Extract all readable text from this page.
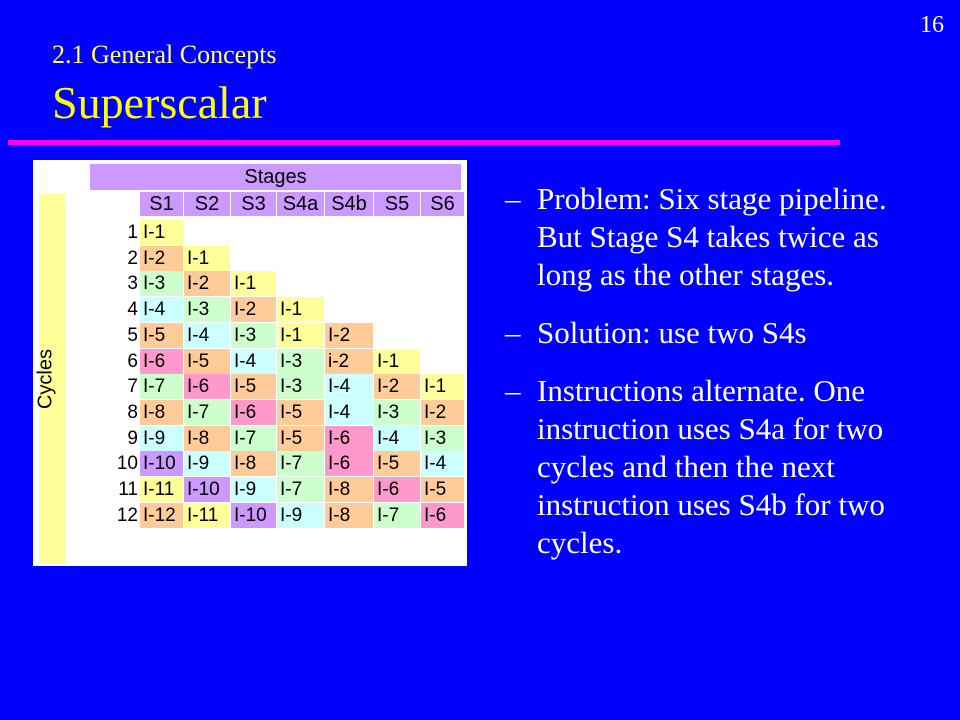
16
2.1 General Concepts
Superscalar
Stages
Cycles
S1	S2	S3 S4a S4b S5	S6
1 I-1
2 I-2	I-1
3 I-3	I-2	I-1
4 I-4	I-3	I-2	I-1
5 I-5	I-4	I-3	I-1	I-2
6 I-6	I-5	I-4	I-3	i-2	I-1
7 I-7	I-6	I-5	I-3	I-4	I-2	I-1
8 I-8	I-7	I-6	I-5	I-4	I-3	I-2
9 I-9	I-8	I-7	I-5	I-6	I-4	I-3
10 I-10 I-9	I-8	I-7	I-6	I-5	I-4
11 I-11 I-10 I-9	I-7	I-8	I-6	I-5
12 I-12 I-11 I-10 I-9	I-8	I-7	I-6
– Problem: Six stage pipeline. But Stage S4 takes twice as long as the other stages.
– Solution: use two S4s
– Instructions alternate. One instruction uses S4a for two cycles and then the next instruction uses S4b for two cycles.
